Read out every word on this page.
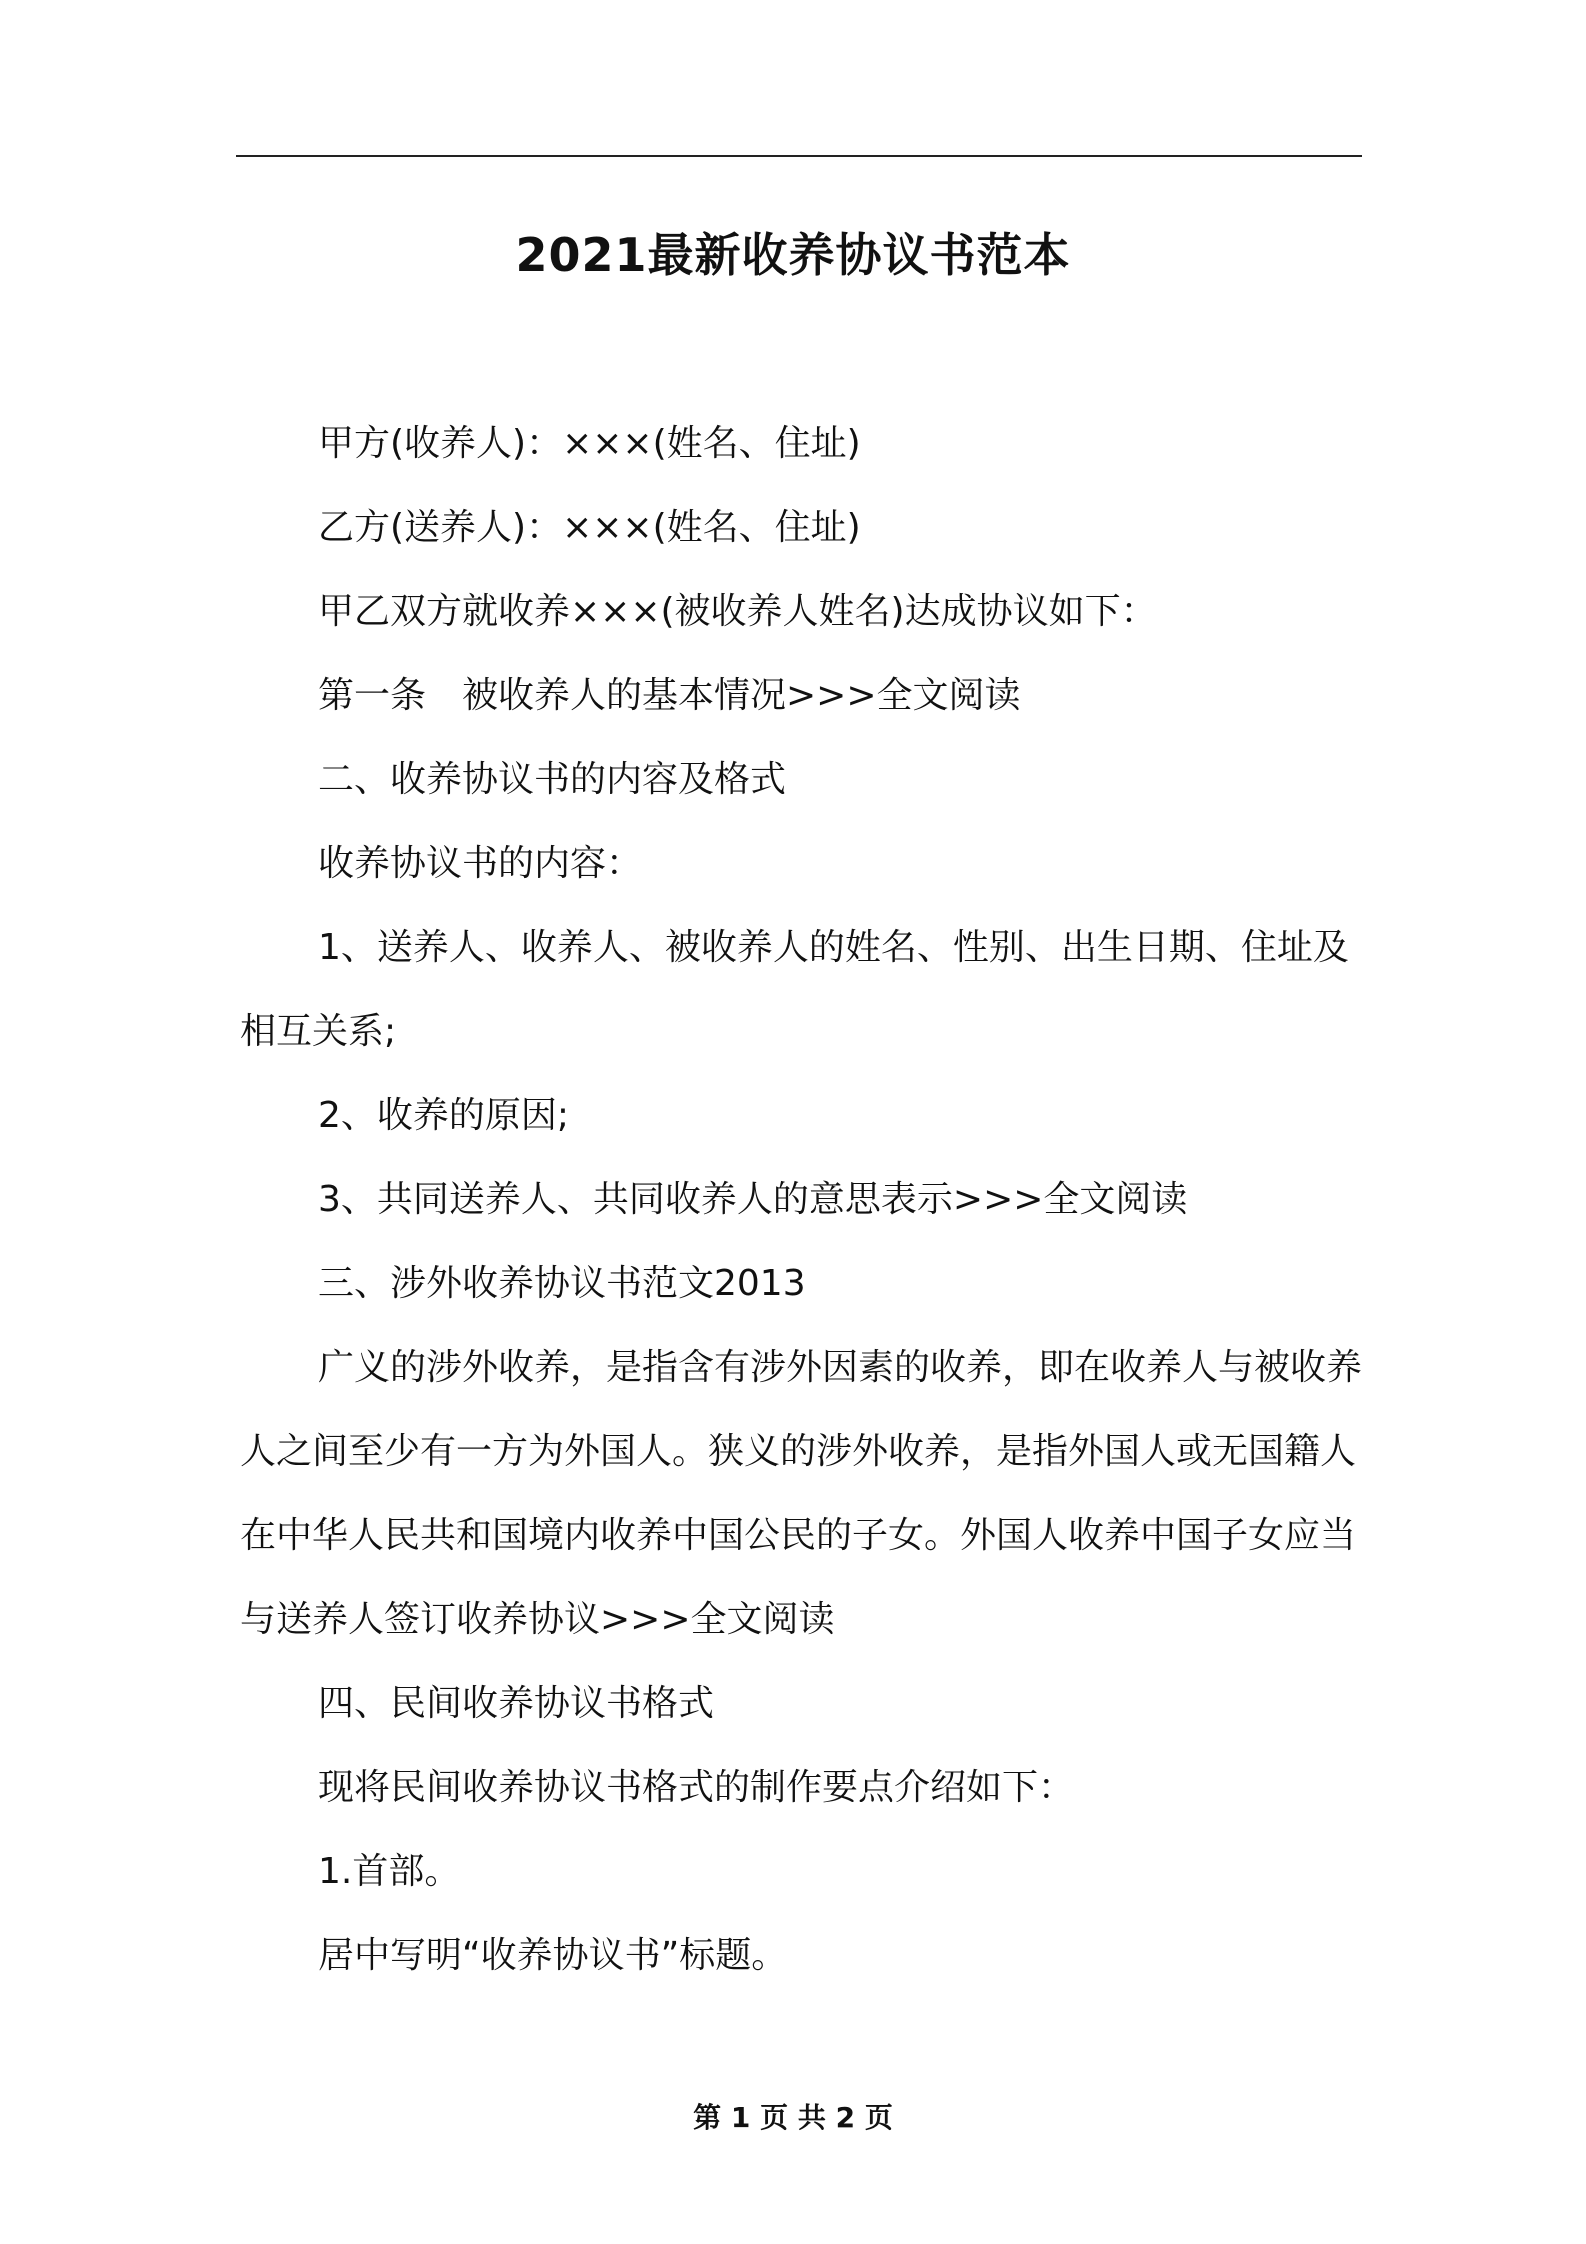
2021最新收养协议书范本

甲方(收养人)：×××(姓名、住址)

乙方(送养人)：×××(姓名、住址)

甲乙双方就收养×××(被收养人姓名)达成协议如下：

第一条　被收养人的基本情况>>>全文阅读

二、收养协议书的内容及格式

收养协议书的内容：

1、送养人、收养人、被收养人的姓名、性别、出生日期、住址及相互关系;

2、收养的原因;

3、共同送养人、共同收养人的意思表示>>>全文阅读

三、涉外收养协议书范文2013

广义的涉外收养，是指含有涉外因素的收养，即在收养人与被收养人之间至少有一方为外国人。狭义的涉外收养，是指外国人或无国籍人在中华人民共和国境内收养中国公民的子女。外国人收养中国子女应当与送养人签订收养协议>>>全文阅读

四、民间收养协议书格式

现将民间收养协议书格式的制作要点介绍如下：

1.首部。

居中写明“收养协议书”标题。

第 1 页 共 2 页
